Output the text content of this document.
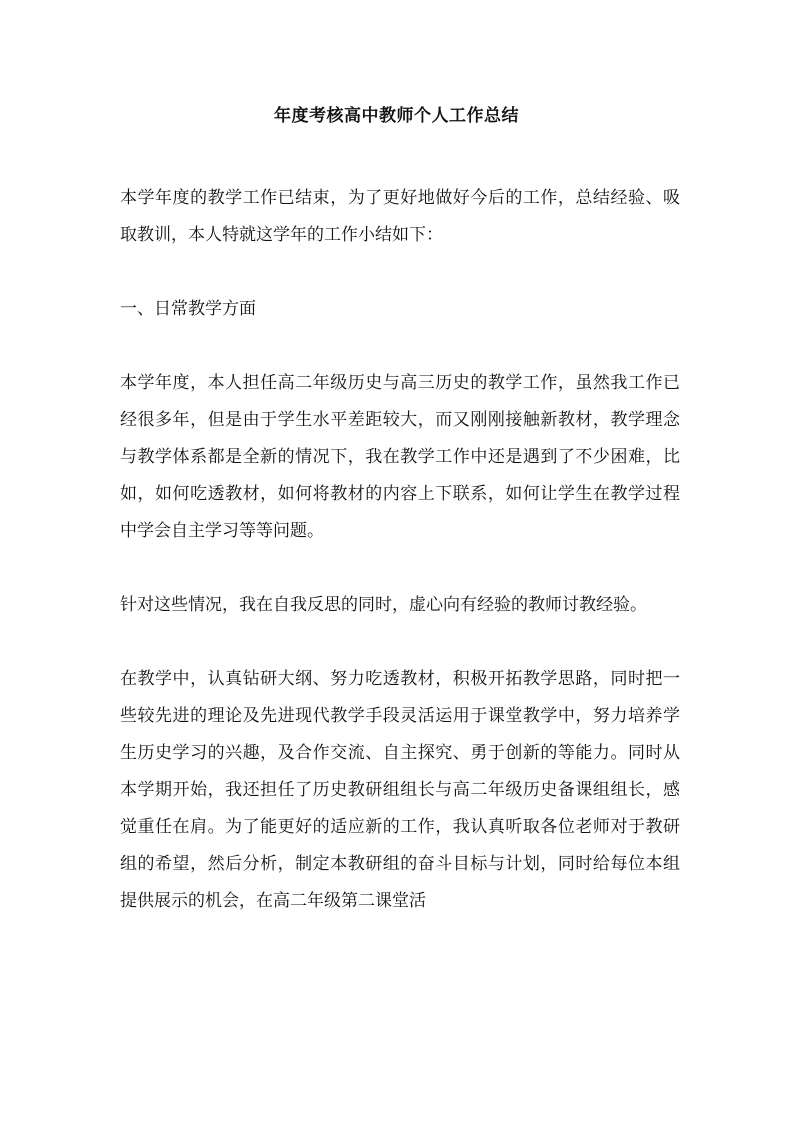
年度考核高中教师个人工作总结

本学年度的教学工作已结束，为了更好地做好今后的工作，总结经验、吸取教训，本人特就这学年的工作小结如下：

一、日常教学方面

本学年度，本人担任高二年级历史与高三历史的教学工作，虽然我工作已经很多年，但是由于学生水平差距较大，而又刚刚接触新教材，教学理念与教学体系都是全新的情况下，我在教学工作中还是遇到了不少困难，比如，如何吃透教材，如何将教材的内容上下联系，如何让学生在教学过程中学会自主学习等等问题。

针对这些情况，我在自我反思的同时，虚心向有经验的教师讨教经验。

在教学中，认真钻研大纲、努力吃透教材，积极开拓教学思路，同时把一些较先进的理论及先进现代教学手段灵活运用于课堂教学中，努力培养学生历史学习的兴趣，及合作交流、自主探究、勇于创新的等能力。同时从本学期开始，我还担任了历史教研组组长与高二年级历史备课组组长，感觉重任在肩。为了能更好的适应新的工作，我认真听取各位老师对于教研组的希望，然后分析，制定本教研组的奋斗目标与计划，同时给每位本组提供展示的机会，在高二年级第二课堂活
